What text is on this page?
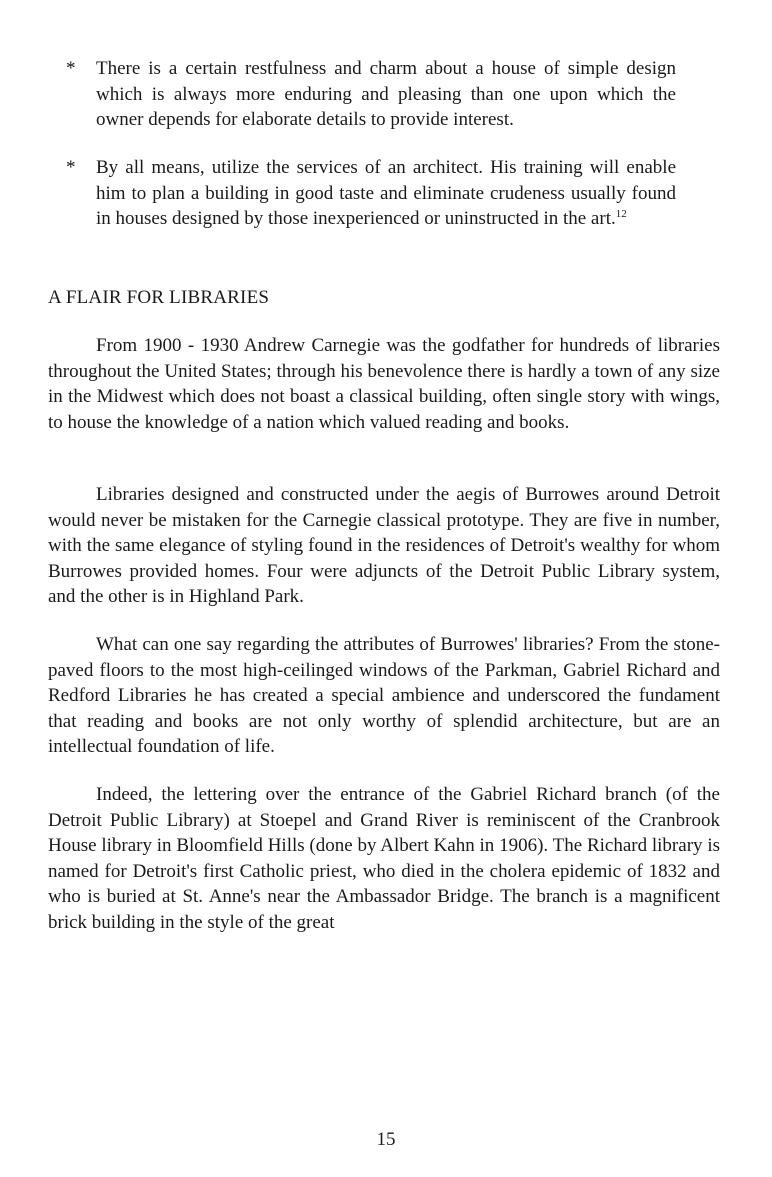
*	There is a certain restfulness and charm about a house of simple design which is always more enduring and pleasing than one upon which the owner depends for elaborate details to provide interest.
*	By all means, utilize the services of an architect. His training will enable him to plan a building in good taste and eliminate crudeness usually found in houses designed by those inexperienced or uninstructed in the art.$^{12}$
A FLAIR FOR LIBRARIES

From 1900 - 1930 Andrew Carnegie was the godfather for hundreds of libraries throughout the United States; through his benevolence there is hardly a town of any size in the Midwest which does not boast a classical building, often single story with wings, to house the knowledge of a nation which valued reading and books.

Libraries designed and constructed under the aegis of Burrowes around Detroit would never be mistaken for the Carnegie classical prototype. They are five in number, with the same elegance of styling found in the residences of Detroit's wealthy for whom Burrowes provided homes. Four were adjuncts of the Detroit Public Library system, and the other is in Highland Park.

What can one say regarding the attributes of Burrowes' libraries? From the stone-paved floors to the most high-ceilinged windows of the Parkman, Gabriel Richard and Redford Libraries he has created a special ambience and underscored the fundament that reading and books are not only worthy of splendid architecture, but are an intellectual foundation of life.

Indeed, the lettering over the entrance of the Gabriel Richard branch (of the Detroit Public Library) at Stoepel and Grand River is reminiscent of the Cranbrook House library in Bloomfield Hills (done by Albert Kahn in 1906). The Richard library is named for Detroit's first Catholic priest, who died in the cholera epidemic of 1832 and who is buried at St. Anne's near the Ambassador Bridge. The branch is a magnificent brick building in the style of the great

15
